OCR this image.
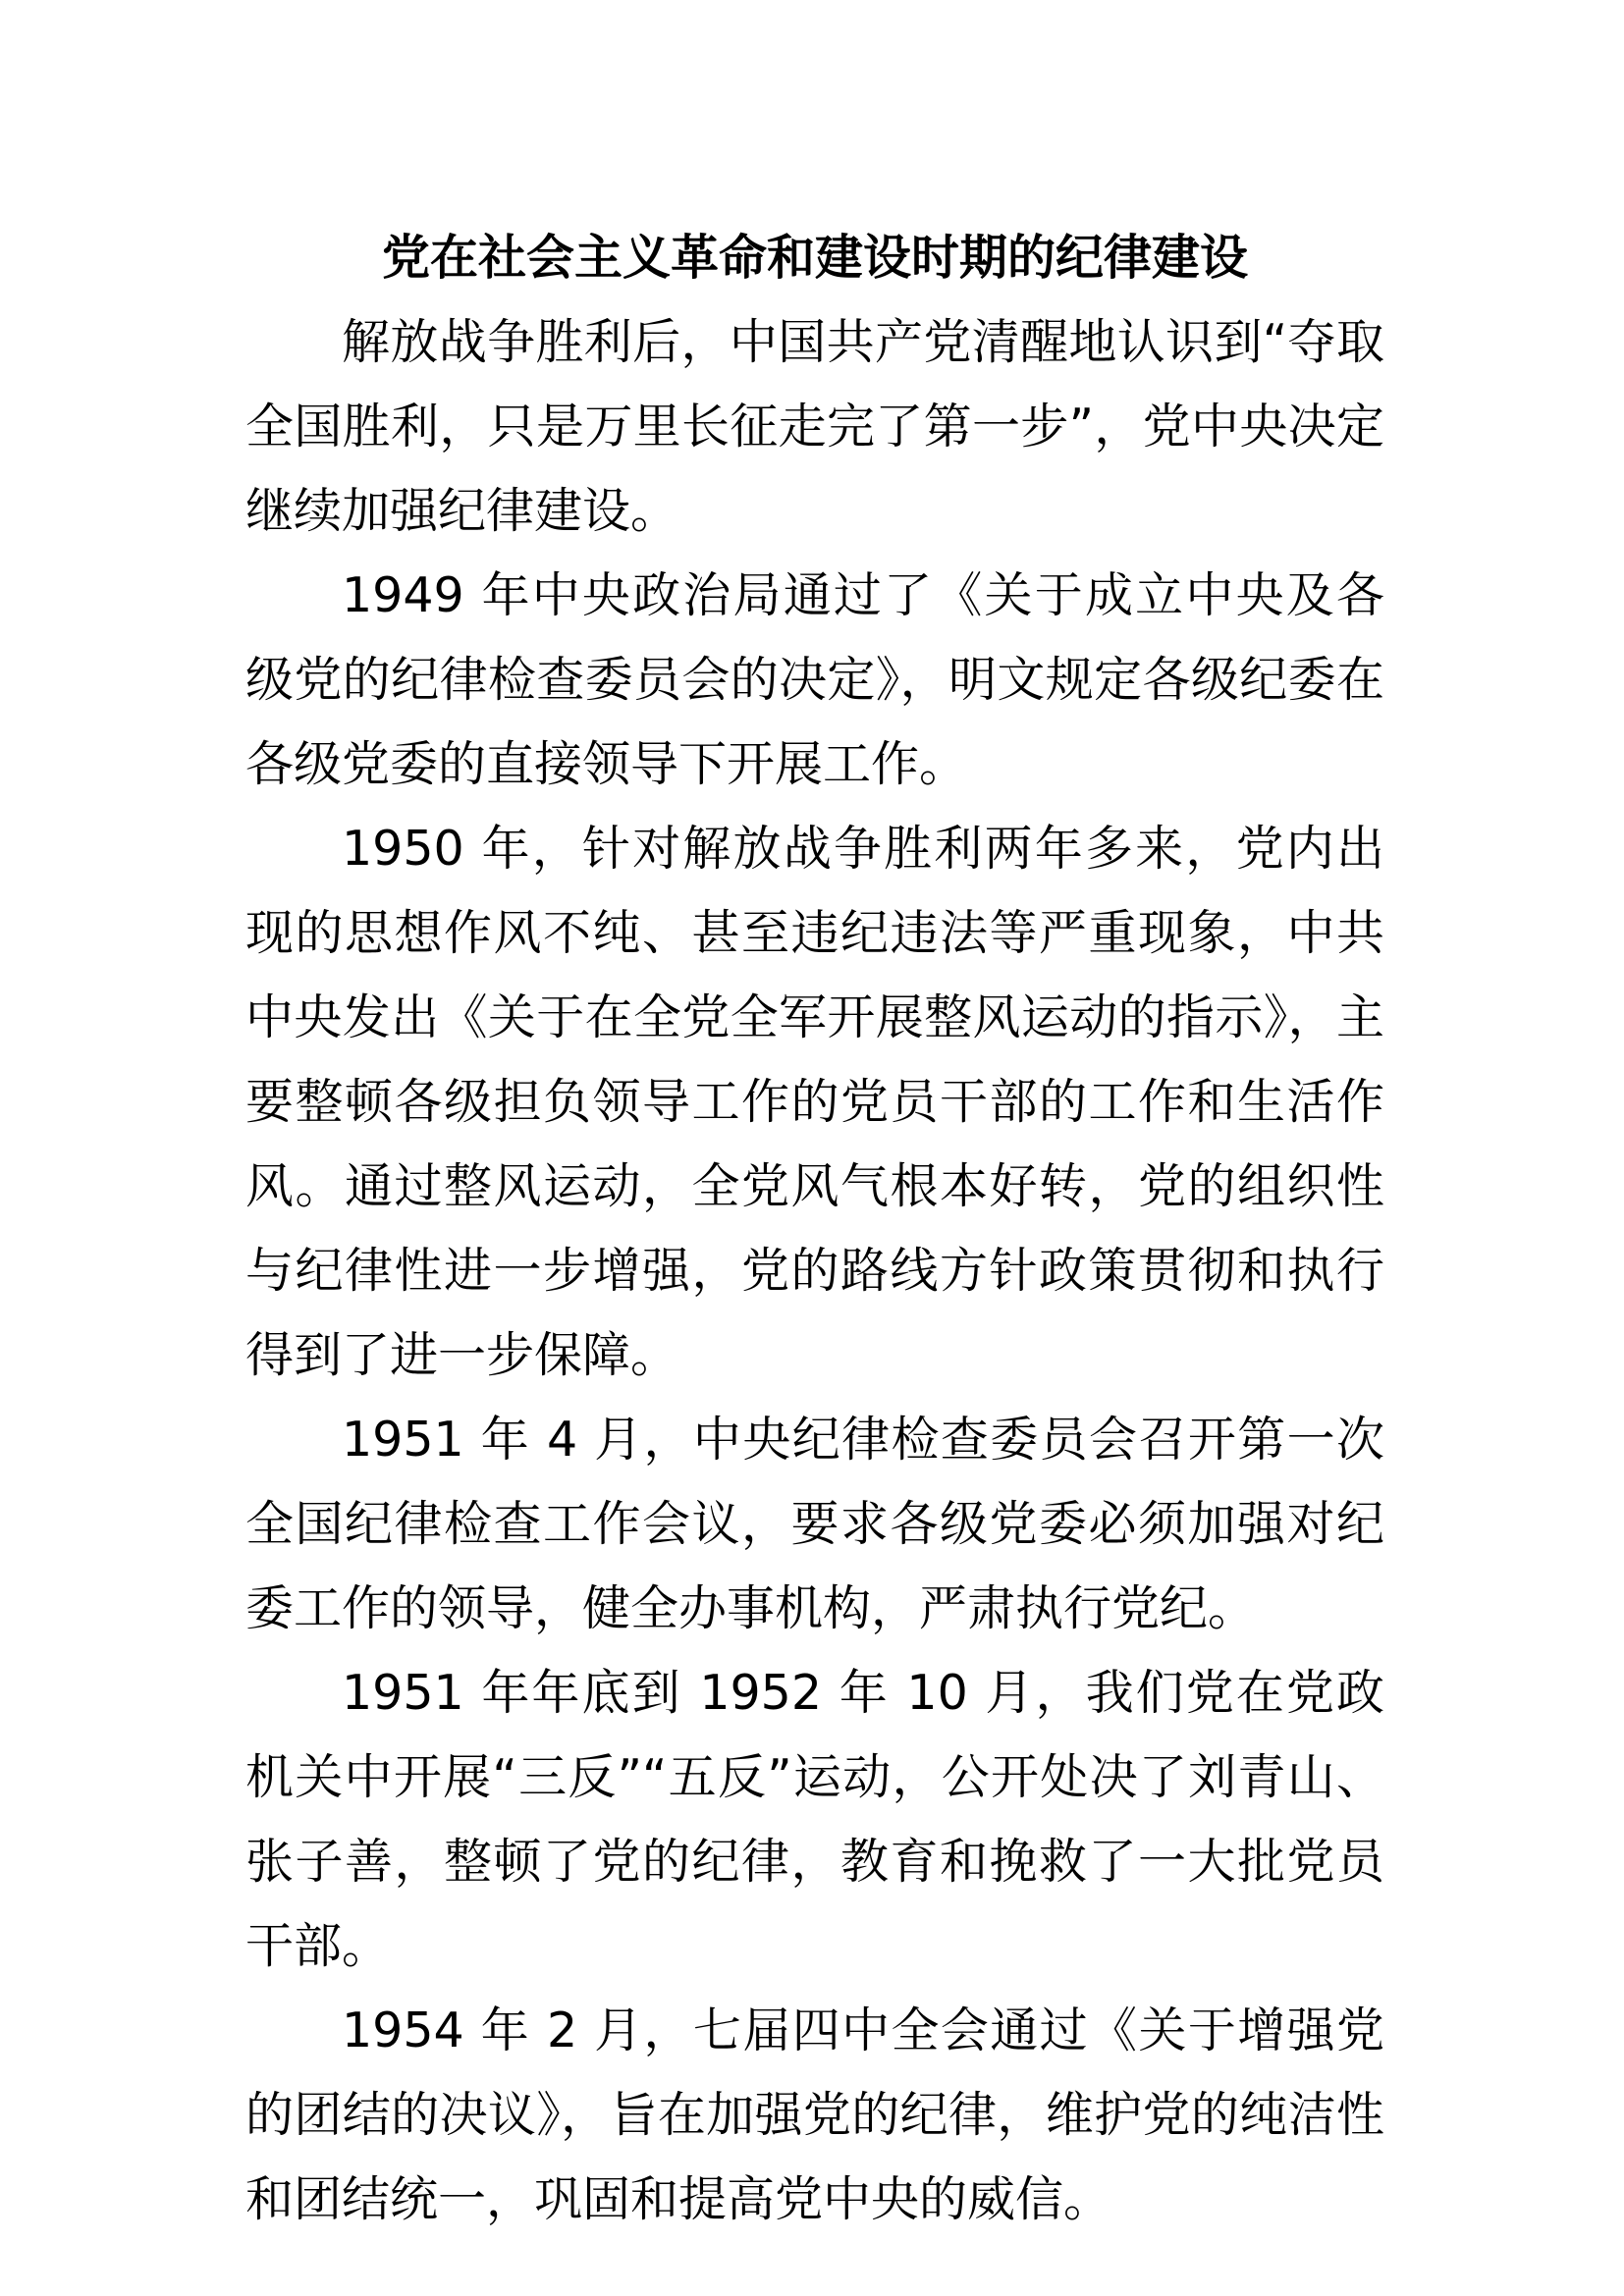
党在社会主义革命和建设时期的纪律建设

解放战争胜利后，中国共产党清醒地认识到“夺取全国胜利，只是万里长征走完了第一步”，党中央决定继续加强纪律建设。

1949 年中央政治局通过了《关于成立中央及各级党的纪律检查委员会的决定》，明文规定各级纪委在各级党委的直接领导下开展工作。

1950 年，针对解放战争胜利两年多来，党内出现的思想作风不纯、甚至违纪违法等严重现象，中共中央发出《关于在全党全军开展整风运动的指示》，主要整顿各级担负领导工作的党员干部的工作和生活作风。通过整风运动，全党风气根本好转，党的组织性与纪律性进一步增强，党的路线方针政策贯彻和执行得到了进一步保障。

1951 年 4 月，中央纪律检查委员会召开第一次全国纪律检查工作会议，要求各级党委必须加强对纪委工作的领导，健全办事机构，严肃执行党纪。

1951 年年底到 1952 年 10 月，我们党在党政机关中开展“三反”“五反”运动，公开处决了刘青山、张子善，整顿了党的纪律，教育和挽救了一大批党员干部。

1954 年 2 月，七届四中全会通过《关于增强党的团结的决议》，旨在加强党的纪律，维护党的纯洁性和团结统一，巩固和提高党中央的威信。
